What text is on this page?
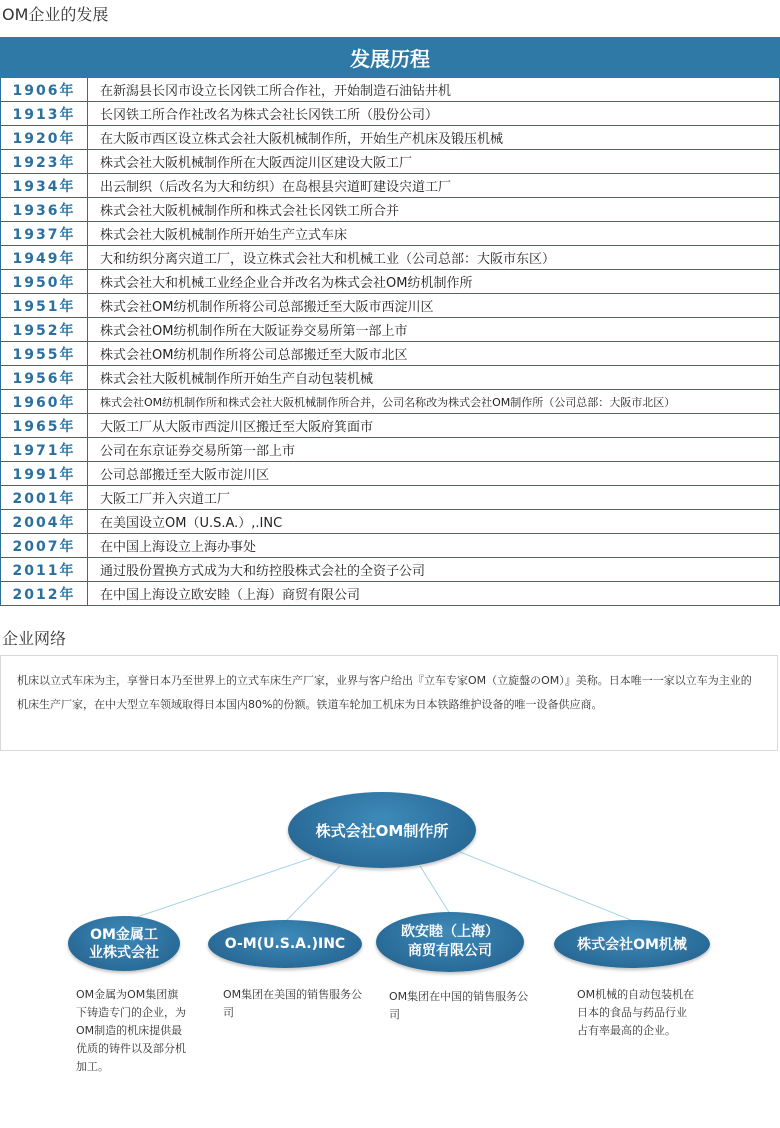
OM企业的发展
发展历程	
1906年	在新潟县长冈市设立长冈铁工所合作社，开始制造石油钻井机
1913年	长冈铁工所合作社改名为株式会社长冈铁工所（股份公司）
1920年	在大阪市西区设立株式会社大阪机械制作所，开始生产机床及锻压机械
1923年	株式会社大阪机械制作所在大阪西淀川区建设大阪工厂
1934年	出云制织（后改名为大和纺织）在岛根县宍道町建设宍道工厂
1936年	株式会社大阪机械制作所和株式会社长冈铁工所合并
1937年	株式会社大阪机械制作所开始生产立式车床
1949年	大和纺织分离宍道工厂，设立株式会社大和机械工业（公司总部：大阪市东区）
1950年	株式会社大和机械工业经企业合并改名为株式会社OM纺机制作所
1951年	株式会社OM纺机制作所将公司总部搬迁至大阪市西淀川区
1952年	株式会社OM纺机制作所在大阪证券交易所第一部上市
1955年	株式会社OM纺机制作所将公司总部搬迁至大阪市北区
1956年	株式会社大阪机械制作所开始生产自动包装机械
1960年	株式会社OM纺机制作所和株式会社大阪机械制作所合并，公司名称改为株式会社OM制作所（公司总部：大阪市北区）
1965年	大阪工厂从大阪市西淀川区搬迁至大阪府箕面市
1971年	公司在东京证券交易所第一部上市
1991年	公司总部搬迁至大阪市淀川区
2001年	大阪工厂并入宍道工厂
2004年	在美国设立OM（U.S.A.）,.INC
2007年	在中国上海设立上海办事处
2011年	通过股份置换方式成为大和纺控股株式会社的全资子公司
2012年	在中国上海设立欧安睦（上海）商贸有限公司
企业网络
机床以立式车床为主，享誉日本乃至世界上的立式车床生产厂家，业界与客户给出『立车专家OM（立旋盤のOM）』美称。日本唯一一家以立车为主业的机床生产厂家，在中大型立车领域取得日本国内80%的份额。铁道车轮加工机床为日本铁路维护设备的唯一设备供应商。
株式会社OM制作所
OM金属工
业株式会社
O-M(U.S.A.)INC
欧安睦（上海）
商贸有限公司	株式会社OM机械
OM金属为OM集团旗下铸造专门的企业，为OM制造的机床提供最优质的铸件以及部分机加工。
OM集团在美国的销售服务公司
OM集团在中国的销售服务公司
OM机械的自动包装机在日本的食品与药品行业占有率最高的企业。
